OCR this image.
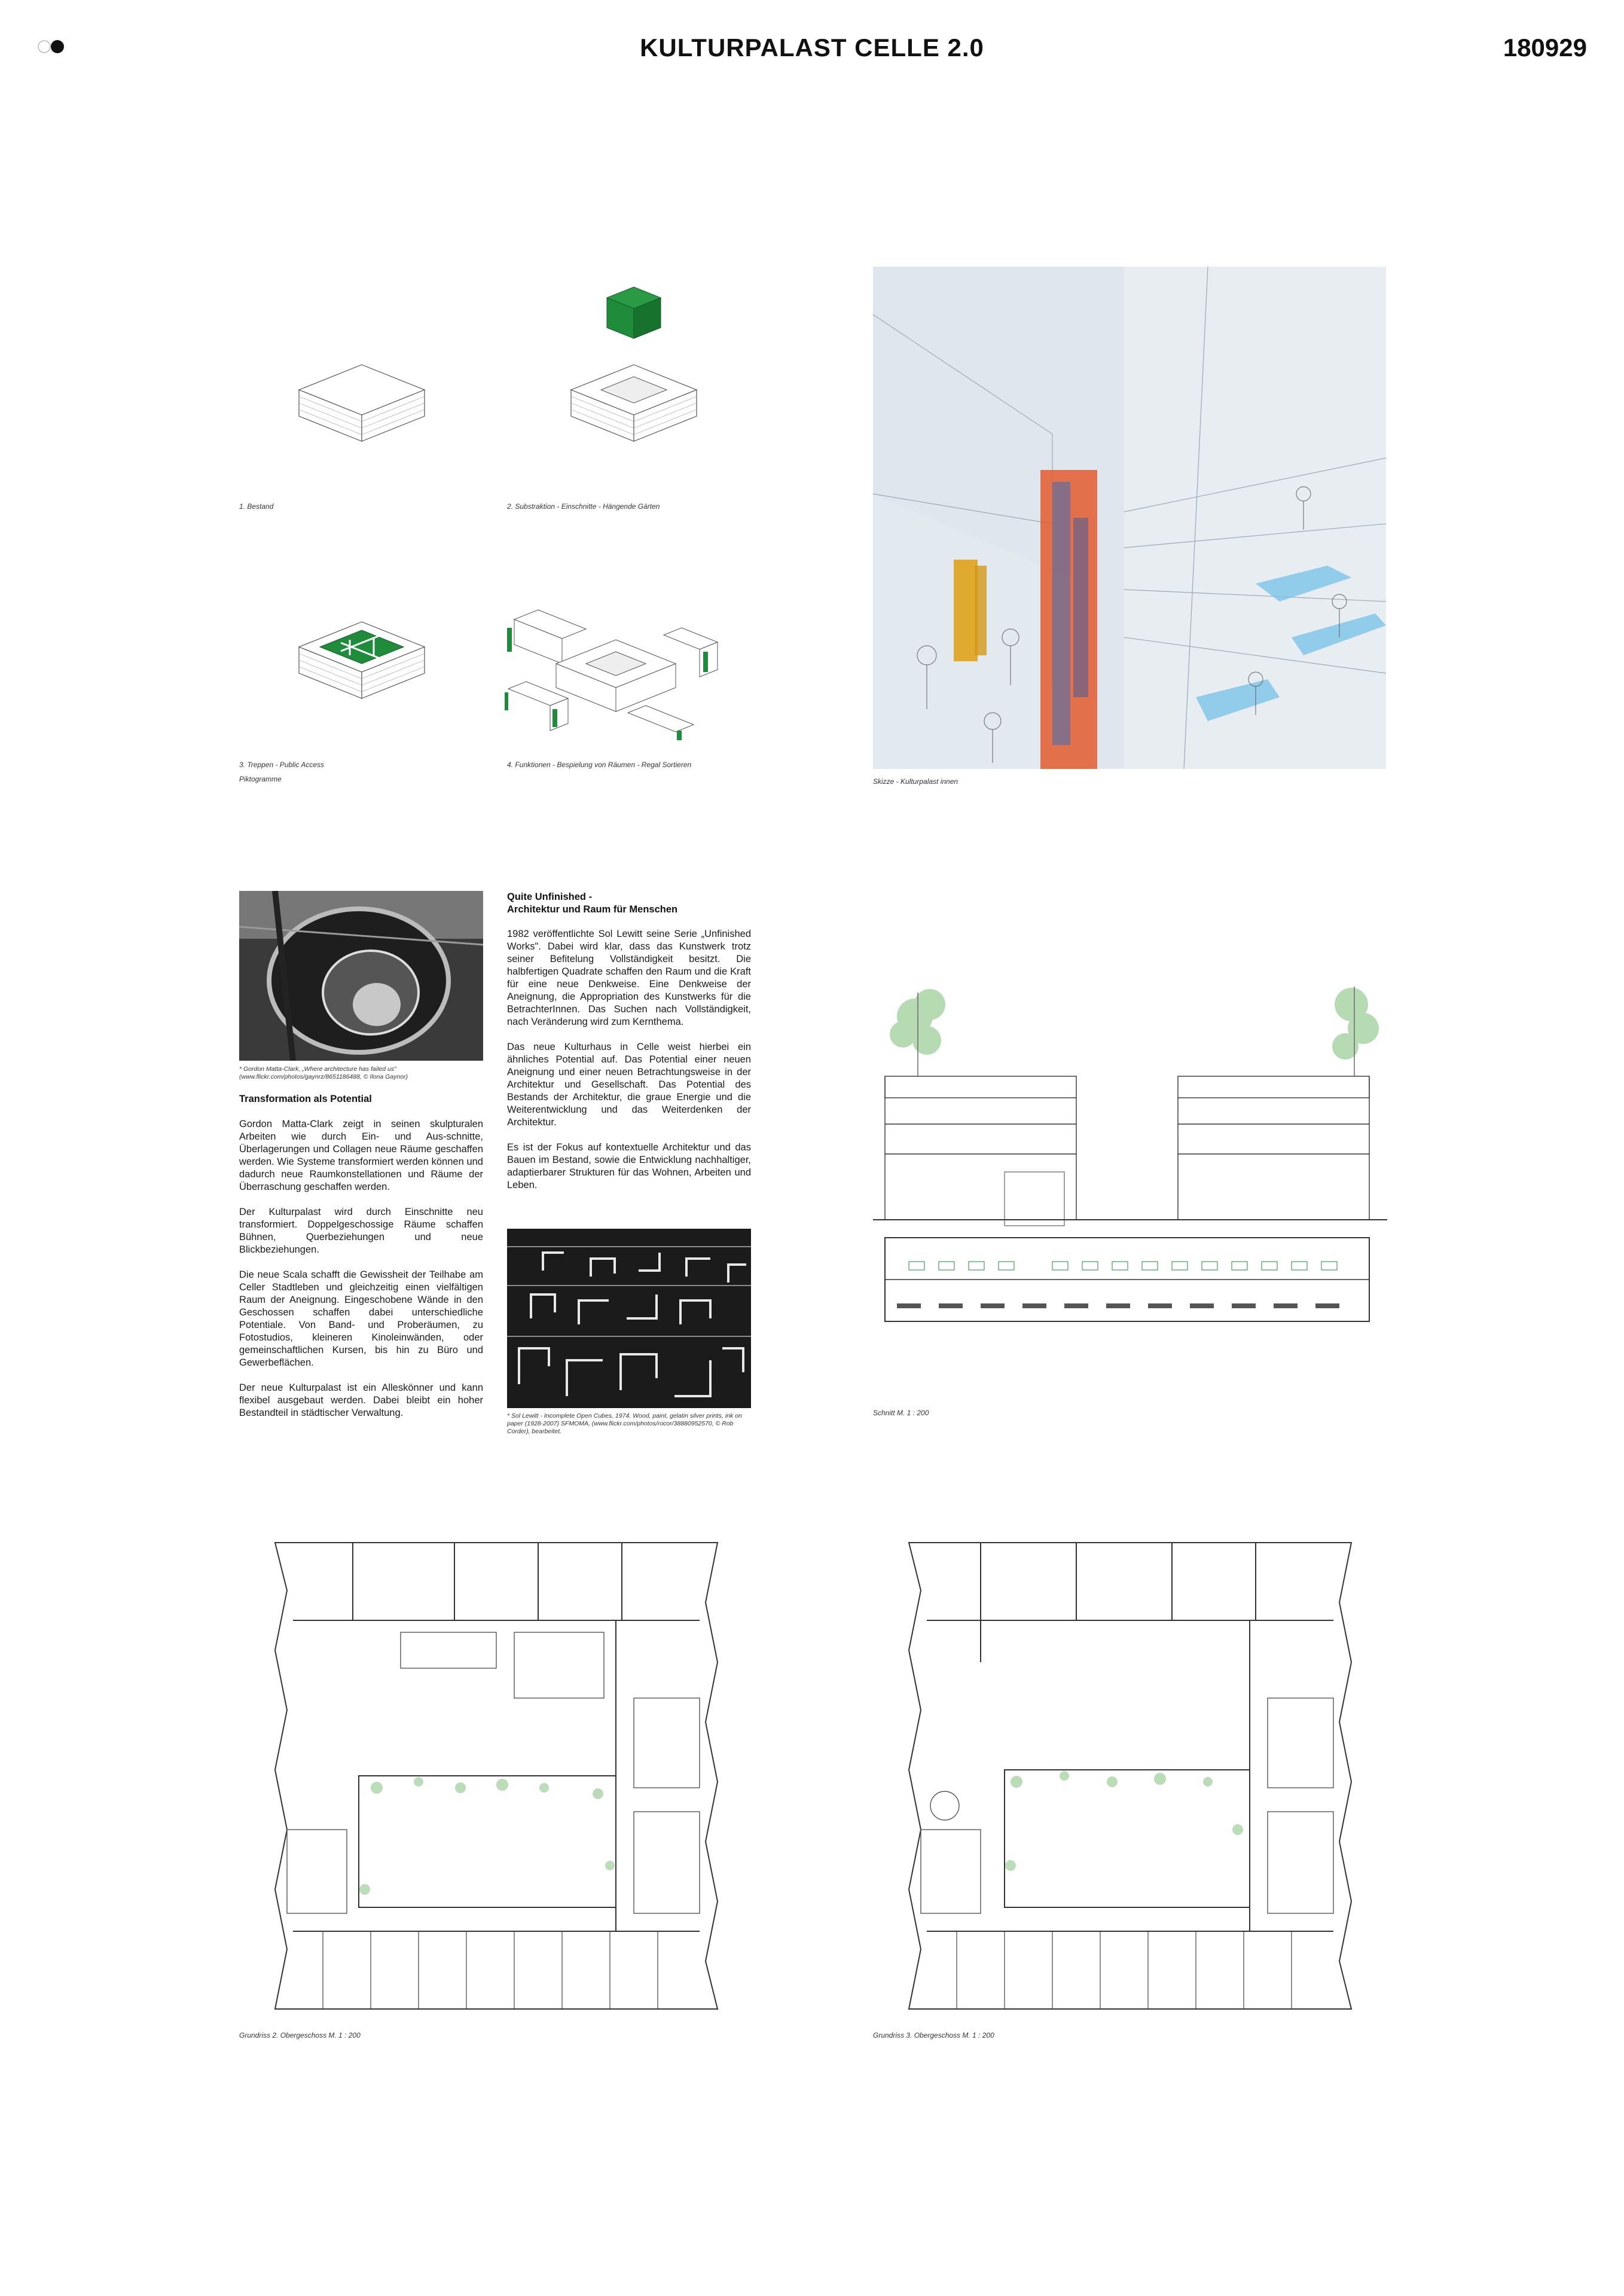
KULTURPALAST CELLE 2.0	180929
1. Bestand	2. Substraktion - Einschnitte - Hängende Gärten
3. Treppen - Public Access
Piktogramme
4. Funktionen - Bespielung von Räumen - Regal Sortieren
Skizze - Kulturpalast innen
* Gordon Matta-Clark, „Where architecture has failed us" (www.flickr.com/photos/gaynrz/8651186488, © Ilona Gaynor)
Transformation als Potential

Gordon Matta-Clark zeigt in seinen skulpturalen Arbeiten wie durch Ein- und Aus-schnitte, Überlagerungen und Collagen neue Räume geschaffen werden. Wie Systeme transformiert werden können und dadurch neue Raumkonstellationen und Räume der Überraschung geschaffen werden.

Der Kulturpalast wird durch Einschnitte neu transformiert. Doppelgeschossige Räume schaffen Bühnen, Querbeziehungen und neue Blickbeziehungen.

Die neue Scala schafft die Gewissheit der Teilhabe am Celler Stadtleben und gleichzeitig einen vielfältigen Raum der Aneignung. Eingeschobene Wände in den Geschossen schaffen dabei unterschiedliche Potentiale. Von Band- und Proberäumen, zu Fotostudios, kleineren Kinoleinwänden, oder gemeinschaftlichen Kursen, bis hin zu Büro und Gewerbeflächen.

Der neue Kulturpalast ist ein Alleskönner und kann flexibel ausgebaut werden. Dabei bleibt ein hoher Bestandteil in städtischer Verwaltung.

Quite Unfinished -
Architektur und Raum für Menschen

1982 veröffentlichte Sol Lewitt seine Serie „Unfinished Works". Dabei wird klar, dass das Kunstwerk trotz seiner Befitelung Vollständigkeit besitzt. Die halbfertigen Quadrate schaffen den Raum und die Kraft für eine neue Denkweise. Eine Denkweise der Aneignung, die Appropriation des Kunstwerks für die BetrachterInnen. Das Suchen nach Vollständigkeit, nach Veränderung wird zum Kernthema.

Das neue Kulturhaus in Celle weist hierbei ein ähnliches Potential auf. Das Potential einer neuen Aneignung und einer neuen Betrachtungsweise in der Architektur und Gesellschaft. Das Potential des Bestands der Architektur, die graue Energie und die Weiterentwicklung und das Weiterdenken der Architektur.

Es ist der Fokus auf kontextuelle Architektur und das Bauen im Bestand, sowie die Entwicklung nachhaltiger, adaptierbarer Strukturen für das Wohnen, Arbeiten und Leben.

* Sol Lewitt - Incomplete Open Cubes, 1974. Wood, paint, gelatin silver prints, ink on paper (1928-2007) SFMOMA, (www.flickr.com/photos/rocor/38880952570, © Rob Corder), bearbeitet.
Schnitt M. 1 : 200
Grundriss 2. Obergeschoss M. 1 : 200	Grundriss 3. Obergeschoss M. 1 : 200
